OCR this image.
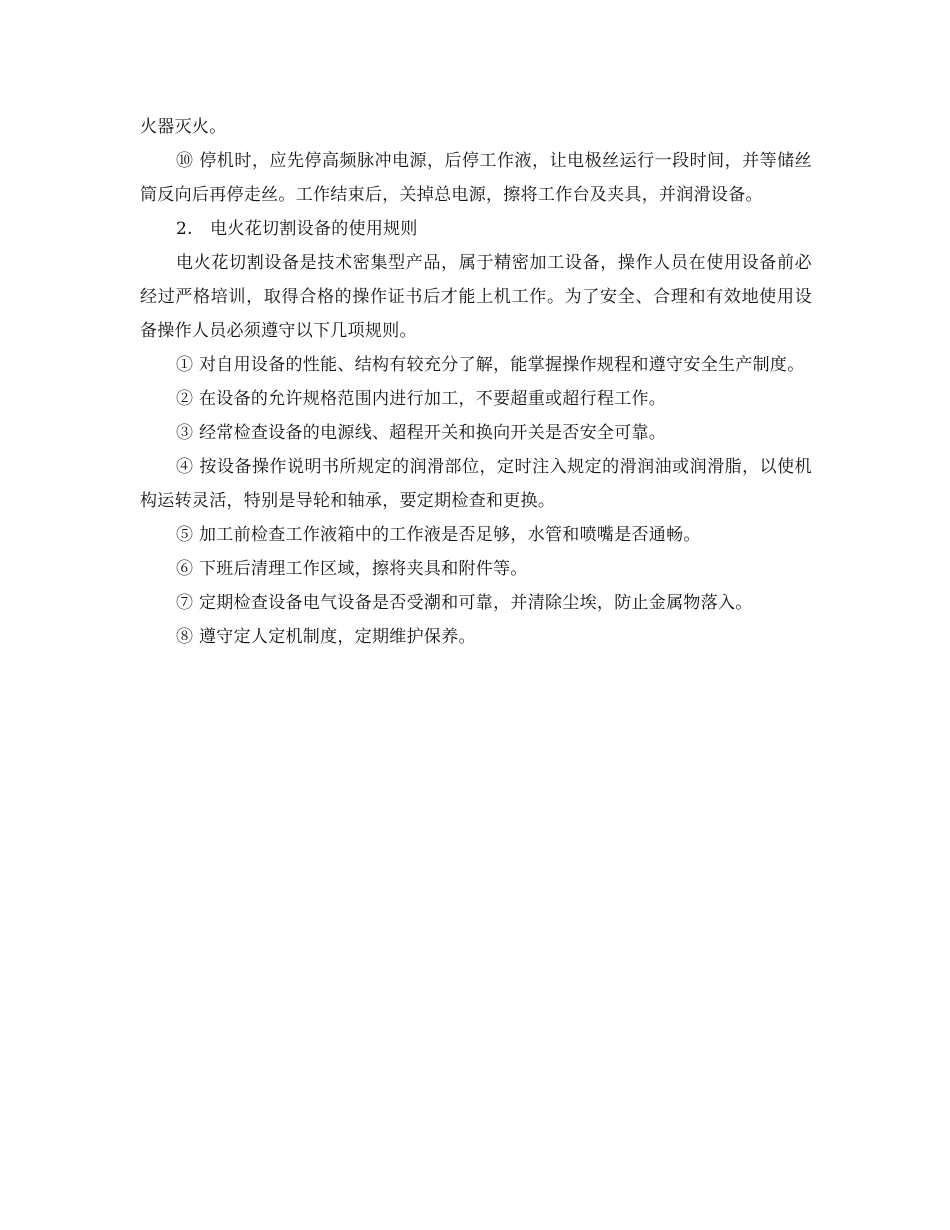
火器灭火。

⑩ 停机时，应先停高频脉冲电源，后停工作液，让电极丝运行一段时间，并等储丝筒反向后再停走丝。工作结束后，关掉总电源，擦将工作台及夹具，并润滑设备。

2.　电火花切割设备的使用规则

电火花切割设备是技术密集型产品，属于精密加工设备，操作人员在使用设备前必经过严格培训，取得合格的操作证书后才能上机工作。为了安全、合理和有效地使用设备操作人员必须遵守以下几项规则。

① 对自用设备的性能、结构有较充分了解，能掌握操作规程和遵守安全生产制度。

② 在设备的允许规格范围内进行加工，不要超重或超行程工作。

③ 经常检查设备的电源线、超程开关和换向开关是否安全可靠。

④ 按设备操作说明书所规定的润滑部位，定时注入规定的滑润油或润滑脂，以使机构运转灵活，特别是导轮和轴承，要定期检查和更换。

⑤ 加工前检查工作液箱中的工作液是否足够，水管和喷嘴是否通畅。

⑥ 下班后清理工作区域，擦将夹具和附件等。

⑦ 定期检查设备电气设备是否受潮和可靠，并清除尘埃，防止金属物落入。

⑧ 遵守定人定机制度，定期维护保养。
